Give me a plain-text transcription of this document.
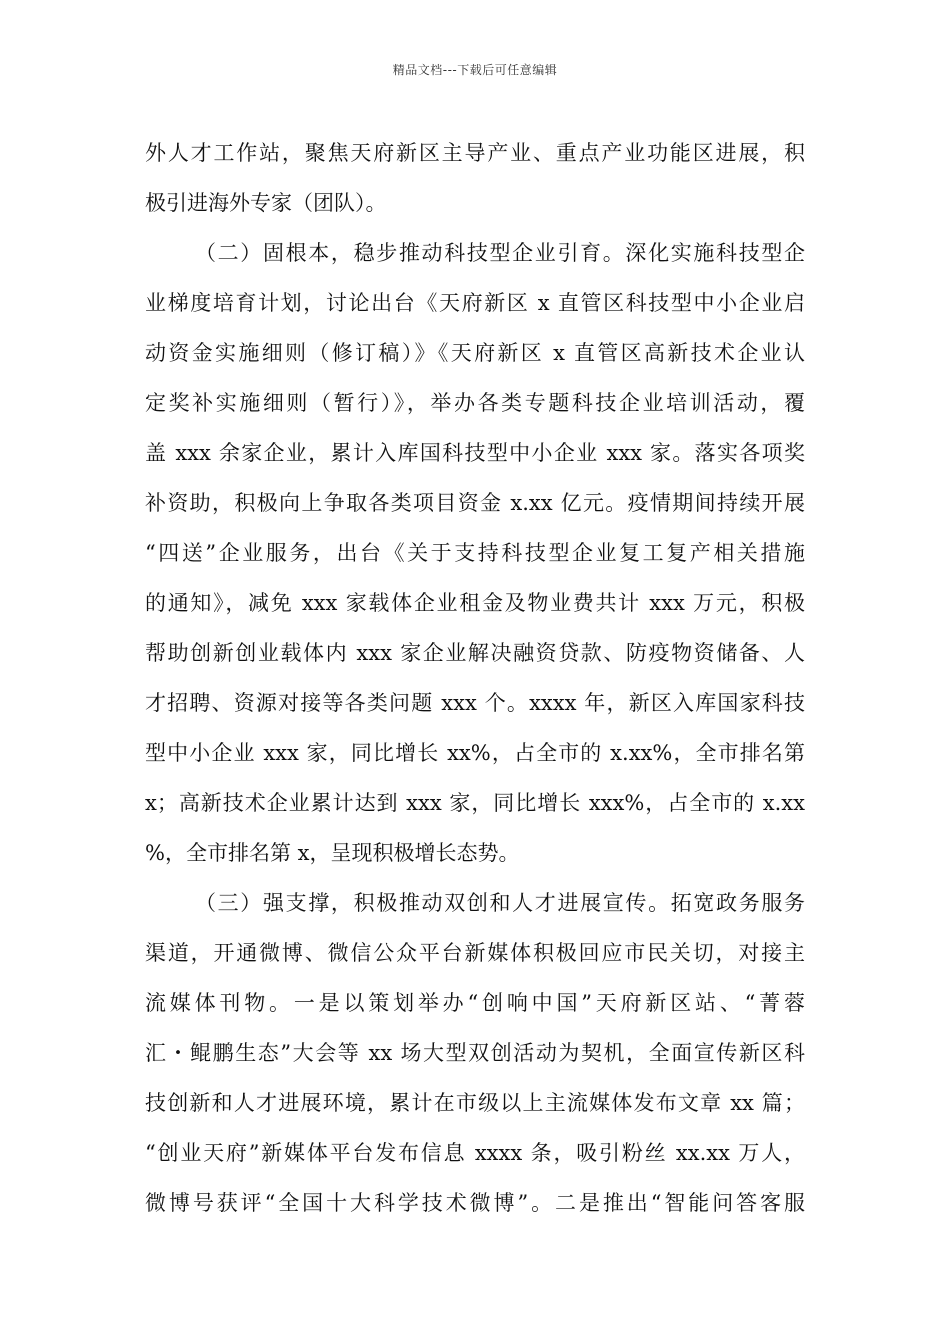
精品文档---下载后可任意编辑
外人才工作站，聚焦天府新区主导产业、重点产业功能区进展，积
极引进海外专家（团队）。
（二）固根本，稳步推动科技型企业引育。深化实施科技型企
业梯度培育计划，讨论出台《天府新区 x 直管区科技型中小企业启
动资金实施细则（修订稿）》《天府新区 x 直管区高新技术企业认
定奖补实施细则（暂行）》，举办各类专题科技企业培训活动，覆
盖 xxx 余家企业，累计入库国科技型中小企业 xxx 家。落实各项奖
补资助，积极向上争取各类项目资金 x.xx 亿元。疫情期间持续开展
“四送”企业服务，出台《关于支持科技型企业复工复产相关措施
的通知》，减免 xxx 家载体企业租金及物业费共计 xxx 万元，积极
帮助创新创业载体内 xxx 家企业解决融资贷款、防疫物资储备、人
才招聘、资源对接等各类问题 xxx 个。xxxx 年，新区入库国家科技
型中小企业 xxx 家，同比增长 xx%，占全市的 x.xx%，全市排名第
x；高新技术企业累计达到 xxx 家，同比增长 xxx%，占全市的 x.xx
%，全市排名第 x，呈现积极增长态势。
（三）强支撑，积极推动双创和人才进展宣传。拓宽政务服务
渠道，开通微博、微信公众平台新媒体积极回应市民关切，对接主
流媒体刊物。一是以策划举办“创响中国”天府新区站、“菁蓉
汇・鲲鹏生态”大会等 xx 场大型双创活动为契机，全面宣传新区科
技创新和人才进展环境，累计在市级以上主流媒体发布文章 xx 篇；
“创业天府”新媒体平台发布信息 xxxx 条，吸引粉丝 xx.xx 万人，
微博号获评“全国十大科学技术微博”。二是推出“智能问答客服
